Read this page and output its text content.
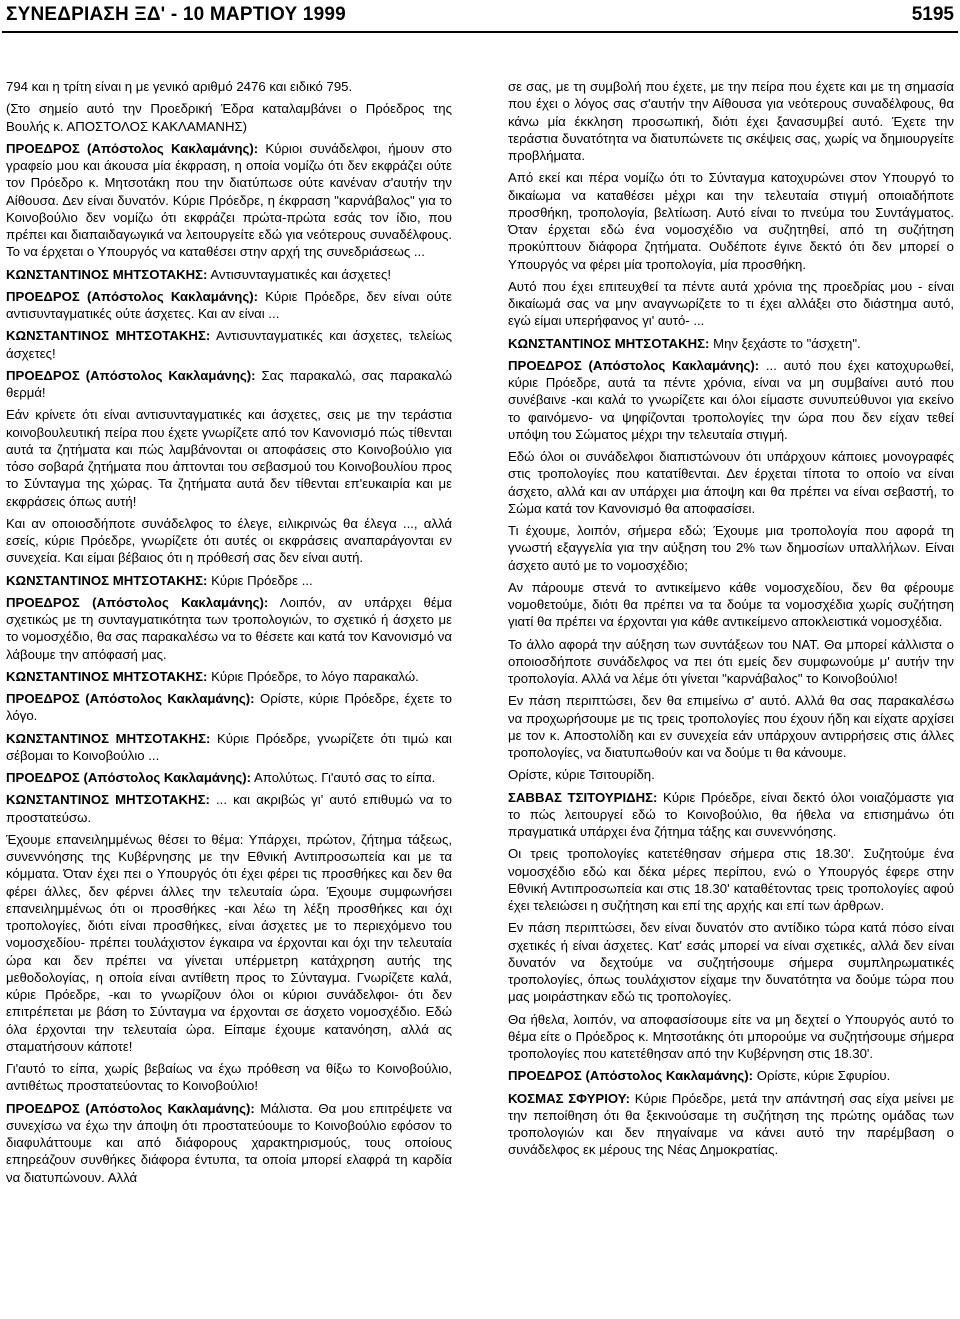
ΣΥΝΕΔΡΙΑΣΗ ΞΔ' - 10 ΜΑΡΤΙΟΥ 1999	5195

794 και η τρίτη είναι η με γενικό αριθμό 2476 και ειδικό 795.

(Στο σημείο αυτό την Προεδρική Έδρα καταλαμβάνει ο Πρόεδρος της Βουλής κ. ΑΠΟΣΤΟΛΟΣ ΚΑΚΛΑΜΑΝΗΣ)

ΠΡΟΕΔΡΟΣ (Απόστολος Κακλαμάνης): Κύριοι συνάδελφοι, ήμουν στο γραφείο μου και άκουσα μία έκφραση, η οποία νομίζω ότι δεν εκφράζει ούτε τον Πρόεδρο κ. Μητσοτάκη που την διατύπωσε ούτε κανέναν σ'αυτήν την Αίθουσα. Δεν είναι δυνατόν. Κύριε Πρόεδρε, η έκφραση "καρνάβαλος" για το Κοινοβούλιο δεν νομίζω ότι εκφράζει πρώτα-πρώτα εσάς τον ίδιο, που πρέπει και διαπαιδαγωγικά να λειτουργείτε εδώ για νεότερους συναδέλφους. Το να έρχεται ο Υπουργός να καταθέσει στην αρχή της συνεδριάσεως ...

ΚΩΝΣΤΑΝΤΙΝΟΣ ΜΗΤΣΟΤΑΚΗΣ: Αντισυνταγματικές και άσχετες!

ΠΡΟΕΔΡΟΣ (Απόστολος Κακλαμάνης): Κύριε Πρόεδρε, δεν είναι ούτε αντισυνταγματικές ούτε άσχετες. Και αν είναι ...

ΚΩΝΣΤΑΝΤΙΝΟΣ ΜΗΤΣΟΤΑΚΗΣ: Αντισυνταγματικές και άσχετες, τελείως άσχετες!

ΠΡΟΕΔΡΟΣ (Απόστολος Κακλαμάνης): Σας παρακαλώ, σας παρακαλώ θερμά!

Εάν κρίνετε ότι είναι αντισυνταγματικές και άσχετες, σεις με την τεράστια κοινοβουλευτική πείρα που έχετε γνωρίζετε από τον Κανονισμό πώς τίθενται αυτά τα ζητήματα και πώς λαμβάνονται οι αποφάσεις στο Κοινοβούλιο για τόσο σοβαρά ζητήματα που άπτονται του σεβασμού του Κοινοβουλίου προς το Σύνταγμα της χώρας. Τα ζητήματα αυτά δεν τίθενται επ'ευκαιρία και με εκφράσεις όπως αυτή!

Και αν οποιοσδήποτε συνάδελφος το έλεγε, ειλικρινώς θα έλεγα ..., αλλά εσείς, κύριε Πρόεδρε, γνωρίζετε ότι αυτές οι εκφράσεις αναπαράγονται εν συνεχεία. Και είμαι βέβαιος ότι η πρόθεσή σας δεν είναι αυτή.

ΚΩΝΣΤΑΝΤΙΝΟΣ ΜΗΤΣΟΤΑΚΗΣ: Κύριε Πρόεδρε ...

ΠΡΟΕΔΡΟΣ (Απόστολος Κακλαμάνης): Λοιπόν, αν υπάρχει θέμα σχετικώς με τη συνταγματικότητα των τροπολογιών, το σχετικό ή άσχετο με το νομοσχέδιο, θα σας παρακαλέσω να το θέσετε και κατά τον Κανονισμό να λάβουμε την απόφασή μας.

ΚΩΝΣΤΑΝΤΙΝΟΣ ΜΗΤΣΟΤΑΚΗΣ: Κύριε Πρόεδρε, το λόγο παρακαλώ.

ΠΡΟΕΔΡΟΣ (Απόστολος Κακλαμάνης): Ορίστε, κύριε Πρόεδρε, έχετε το λόγο.

ΚΩΝΣΤΑΝΤΙΝΟΣ ΜΗΤΣΟΤΑΚΗΣ: Κύριε Πρόεδρε, γνωρίζετε ότι τιμώ και σέβομαι το Κοινοβούλιο ...

ΠΡΟΕΔΡΟΣ (Απόστολος Κακλαμάνης): Απολύτως. Γι'αυτό σας το είπα.

ΚΩΝΣΤΑΝΤΙΝΟΣ ΜΗΤΣΟΤΑΚΗΣ: ... και ακριβώς γι' αυτό επιθυμώ να το προστατεύσω.

Έχουμε επανειλημμένως θέσει το θέμα: Υπάρχει, πρώτον, ζήτημα τάξεως, συνεννόησης της Κυβέρνησης με την Εθνική Αντιπροσωπεία και με τα κόμματα. Όταν έχει πει ο Υπουργός ότι έχει φέρει τις προσθήκες και δεν θα φέρει άλλες, δεν φέρνει άλλες την τελευταία ώρα. Έχουμε συμφωνήσει επανειλημμένως ότι οι προσθήκες -και λέω τη λέξη προσθήκες και όχι τροπολογίες, διότι είναι προσθήκες, είναι άσχετες με το περιεχόμενο του νομοσχεδίου- πρέπει τουλάχιστον έγκαιρα να έρχονται και όχι την τελευταία ώρα και δεν πρέπει να γίνεται υπέρμετρη κατάχρηση αυτής της μεθοδολογίας, η οποία είναι αντίθετη προς το Σύνταγμα. Γνωρίζετε καλά, κύριε Πρόεδρε, -και το γνωρίζουν όλοι οι κύριοι συνάδελφοι- ότι δεν επιτρέπεται με βάση το Σύνταγμα να έρχονται σε άσχετο νομοσχέδιο. Εδώ όλα έρχονται την τελευταία ώρα. Είπαμε έχουμε κατανόηση, αλλά ας σταματήσουν κάποτε!

Γι'αυτό το είπα, χωρίς βεβαίως να έχω πρόθεση να θίξω το Κοινοβούλιο, αντιθέτως προστατεύοντας το Κοινοβούλιο!

ΠΡΟΕΔΡΟΣ (Απόστολος Κακλαμάνης): Μάλιστα. Θα μου επιτρέψετε να συνεχίσω να έχω την άποψη ότι προστατεύουμε το Κοινοβούλιο εφόσον το διαφυλάττουμε και από διάφορους χαρακτηρισμούς, τους οποίους επηρεάζουν συνθήκες διάφορα έντυπα, τα οποία μπορεί ελαφρά τη καρδία να διατυπώνουν. Αλλά

σε σας, με τη συμβολή που έχετε, με την πείρα που έχετε και με τη σημασία που έχει ο λόγος σας σ'αυτήν την Αίθουσα για νεότερους συναδέλφους, θα κάνω μία έκκληση προσωπική, διότι έχει ξανασυμβεί αυτό. Έχετε την τεράστια δυνατότητα να διατυπώνετε τις σκέψεις σας, χωρίς να δημιουργείτε προβλήματα.

Από εκεί και πέρα νομίζω ότι το Σύνταγμα κατοχυρώνει στον Υπουργό το δικαίωμα να καταθέσει μέχρι και την τελευταία στιγμή οποιαδήποτε προσθήκη, τροπολογία, βελτίωση. Αυτό είναι το πνεύμα του Συντάγματος. Όταν έρχεται εδώ ένα νομοσχέδιο να συζητηθεί, από τη συζήτηση προκύπτουν διάφορα ζητήματα. Ουδέποτε έγινε δεκτό ότι δεν μπορεί ο Υπουργός να φέρει μία τροπολογία, μία προσθήκη.

Αυτό που έχει επιτευχθεί τα πέντε αυτά χρόνια της προεδρίας μου - είναι δικαίωμά σας να μην αναγνωρίζετε το τι έχει αλλάξει στο διάστημα αυτό, εγώ είμαι υπερήφανος γι' αυτό- ...

ΚΩΝΣΤΑΝΤΙΝΟΣ ΜΗΤΣΟΤΑΚΗΣ: Μην ξεχάστε το "άσχετη".

ΠΡΟΕΔΡΟΣ (Απόστολος Κακλαμάνης): ... αυτό που έχει κατοχυρωθεί, κύριε Πρόεδρε, αυτά τα πέντε χρόνια, είναι να μη συμβαίνει αυτό που συνέβαινε -και καλά το γνωρίζετε και όλοι είμαστε συνυπεύθυνοι για εκείνο το φαινόμενο- να ψηφίζονται τροπολογίες την ώρα που δεν είχαν τεθεί υπόψη του Σώματος μέχρι την τελευταία στιγμή.

Εδώ όλοι οι συνάδελφοι διαπιστώνουν ότι υπάρχουν κάποιες μονογραφές στις τροπολογίες που κατατίθενται. Δεν έρχεται τίποτα το οποίο να είναι άσχετο, αλλά και αν υπάρχει μια άποψη και θα πρέπει να είναι σεβαστή, το Σώμα κατά τον Κανονισμό θα αποφασίσει.

Τι έχουμε, λοιπόν, σήμερα εδώ; Έχουμε μια τροπολογία που αφορά τη γνωστή εξαγγελία για την αύξηση του 2% των δημοσίων υπαλλήλων. Είναι άσχετο αυτό με το νομοσχέδιο;

Αν πάρουμε στενά το αντικείμενο κάθε νομοσχεδίου, δεν θα φέρουμε νομοθετούμε, διότι θα πρέπει να τα δούμε τα νομοσχέδια χωρίς συζήτηση γιατί θα πρέπει να έρχονται για κάθε αντικείμενο αποκλειστικά νομοσχέδια.

Το άλλο αφορά την αύξηση των συντάξεων του ΝΑΤ. Θα μπορεί κάλλιστα ο οποιοσδήποτε συνάδελφος να πει ότι εμείς δεν συμφωνούμε μ' αυτήν την τροπολογία. Αλλά να λέμε ότι γίνεται "καρνάβαλος" το Κοινοβούλιο!

Εν πάση περιπτώσει, δεν θα επιμείνω σ' αυτό. Αλλά θα σας παρακαλέσω να προχωρήσουμε με τις τρεις τροπολογίες που έχουν ήδη και είχατε αρχίσει με τον κ. Αποστολίδη και εν συνεχεία εάν υπάρχουν αντιρρήσεις στις άλλες τροπολογίες, να διατυπωθούν και να δούμε τι θα κάνουμε.

Ορίστε, κύριε Τσιτουρίδη.

ΣΑΒΒΑΣ ΤΣΙΤΟΥΡΙΔΗΣ: Κύριε Πρόεδρε, είναι δεκτό όλοι νοιαζόμαστε για το πώς λειτουργεί εδώ το Κοινοβούλιο, θα ήθελα να επισημάνω ότι πραγματικά υπάρχει ένα ζήτημα τάξης και συνεννόησης.

Οι τρεις τροπολογίες κατετέθησαν σήμερα στις 18.30'. Συζητούμε ένα νομοσχέδιο εδώ και δέκα μέρες περίπου, ενώ ο Υπουργός έφερε στην Εθνική Αντιπροσωπεία και στις 18.30' καταθέτοντας τρεις τροπολογίες αφού έχει τελειώσει η συζήτηση και επί της αρχής και επί των άρθρων.

Εν πάση περιπτώσει, δεν είναι δυνατόν στο αντίδικο τώρα κατά πόσο είναι σχετικές ή είναι άσχετες. Κατ' εσάς μπορεί να είναι σχετικές, αλλά δεν είναι δυνατόν να δεχτούμε να συζητήσουμε σήμερα συμπληρωματικές τροπολογίες, όπως τουλάχιστον είχαμε την δυνατότητα να δούμε τώρα που μας μοιράστηκαν εδώ τις τροπολογίες.

Θα ήθελα, λοιπόν, να αποφασίσουμε είτε να μη δεχτεί ο Υπουργός αυτό το θέμα είτε ο Πρόεδρος κ. Μητσοτάκης ότι μπορούμε να συζητήσουμε σήμερα τροπολογίες που κατετέθησαν από την Κυβέρνηση στις 18.30'.

ΠΡΟΕΔΡΟΣ (Απόστολος Κακλαμάνης): Ορίστε, κύριε Σφυρίου.

ΚΟΣΜΑΣ ΣΦΥΡΙΟΥ: Κύριε Πρόεδρε, μετά την απάντησή σας είχα μείνει με την πεποίθηση ότι θα ξεκινούσαμε τη συζήτηση της πρώτης ομάδας των τροπολογιών και δεν πηγαίναμε να κάνει αυτό την παρέμβαση ο συνάδελφος εκ μέρους της Νέας Δημοκρατίας.
